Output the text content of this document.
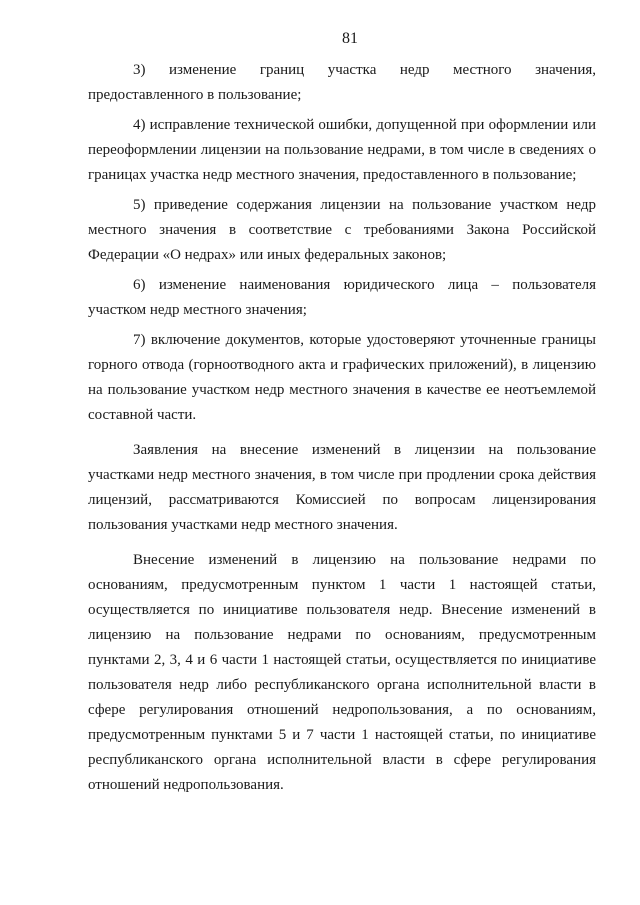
81

3) изменение границ участка недр местного значения, предоставленного в пользование;

4) исправление технической ошибки, допущенной при оформлении или переоформлении лицензии на пользование недрами, в том числе в сведениях о границах участка недр местного значения, предоставленного в пользование;

5) приведение содержания лицензии на пользование участком недр местного значения в соответствие с требованиями Закона Российской Федерации «О недрах» или иных федеральных законов;

6) изменение наименования юридического лица – пользователя участком недр местного значения;

7) включение документов, которые удостоверяют уточненные границы горного отвода (горноотводного акта и графических приложений), в лицензию на пользование участком недр местного значения в качестве ее неотъемлемой составной части.

Заявления на внесение изменений в лицензии на пользование участками недр местного значения, в том числе при продлении срока действия лицензий, рассматриваются Комиссией по вопросам лицензирования пользования участками недр местного значения.

Внесение изменений в лицензию на пользование недрами по основаниям, предусмотренным пунктом 1 части 1 настоящей статьи, осуществляется по инициативе пользователя недр. Внесение изменений в лицензию на пользование недрами по основаниям, предусмотренным пунктами 2, 3, 4 и 6 части 1 настоящей статьи, осуществляется по инициативе пользователя недр либо республиканского органа исполнительной власти в сфере регулирования отношений недропользования, а по основаниям, предусмотренным пунктами 5 и 7 части 1 настоящей статьи, по инициативе республиканского органа исполнительной власти в сфере регулирования отношений недропользования.
